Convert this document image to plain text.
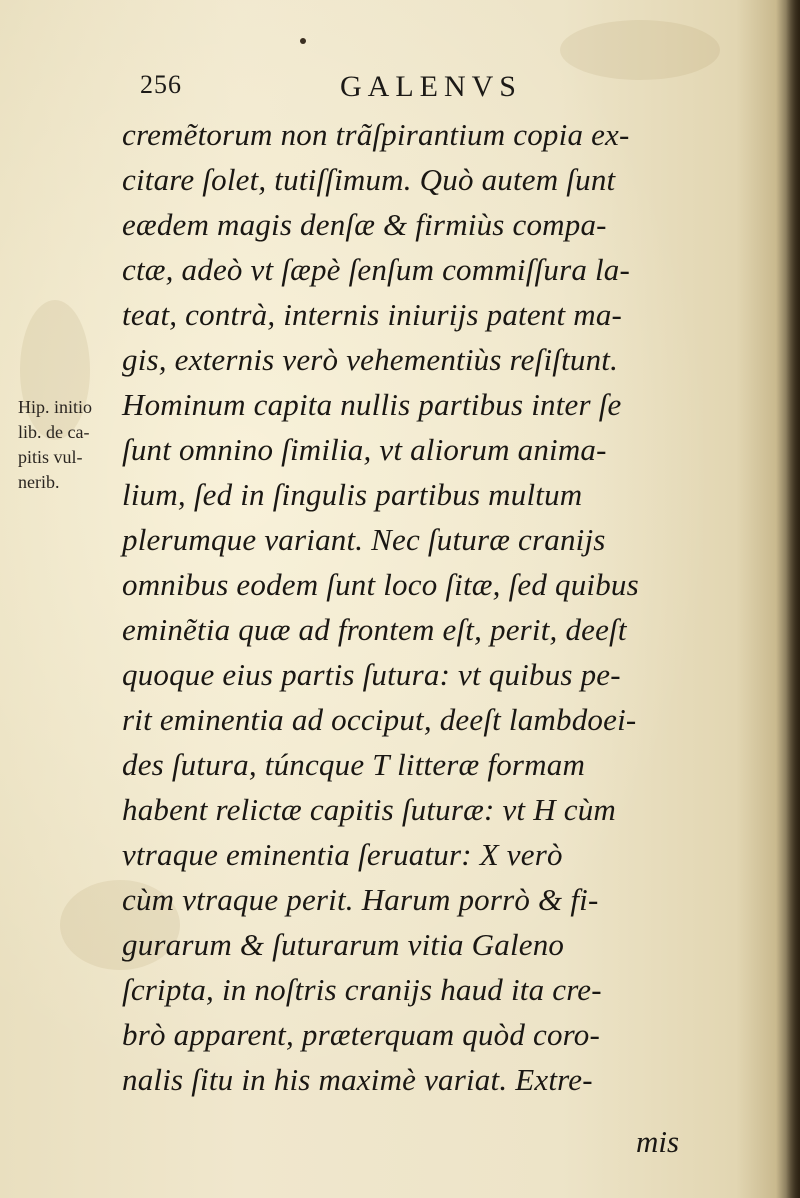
256	GALENVS
cremẽtorum non trãſpirantium copia ex-
citare ſolet, tutiſſimum. Quò autem ſunt
eædem magis denſæ & firmiùs compa-
ctæ, adeò vt ſæpè ſenſum commiſſura la-
teat, contrà, internis iniurijs patent ma-
gis, externis verò vehementiùs reſiſtunt.
Hominum capita nullis partibus inter ſe
ſunt omnino ſimilia, vt aliorum anima-
lium, ſed in ſingulis partibus multum
plerumque variant. Nec ſuturæ cranijs
omnibus eodem ſunt loco ſitæ, ſed quibus
eminẽtia quæ ad frontem eſt, perit, deeſt
quoque eius partis ſutura: vt quibus pe-
rit eminentia ad occiput, deeſt lambdoei-
des ſutura, túncque T litteræ formam
habent relictæ capitis ſuturæ: vt H cùm
vtraque eminentia ſeruatur: X verò
cùm vtraque perit. Harum porrò & fi-
gurarum & ſuturarum vitia Galeno
ſcripta, in noſtris cranijs haud ita cre-
brò apparent, præterquam quòd coro-
nalis ſitu in his maximè variat. Extre-
mis
Hip. initio
lib. de ca-
pitis vul-
nerib.
